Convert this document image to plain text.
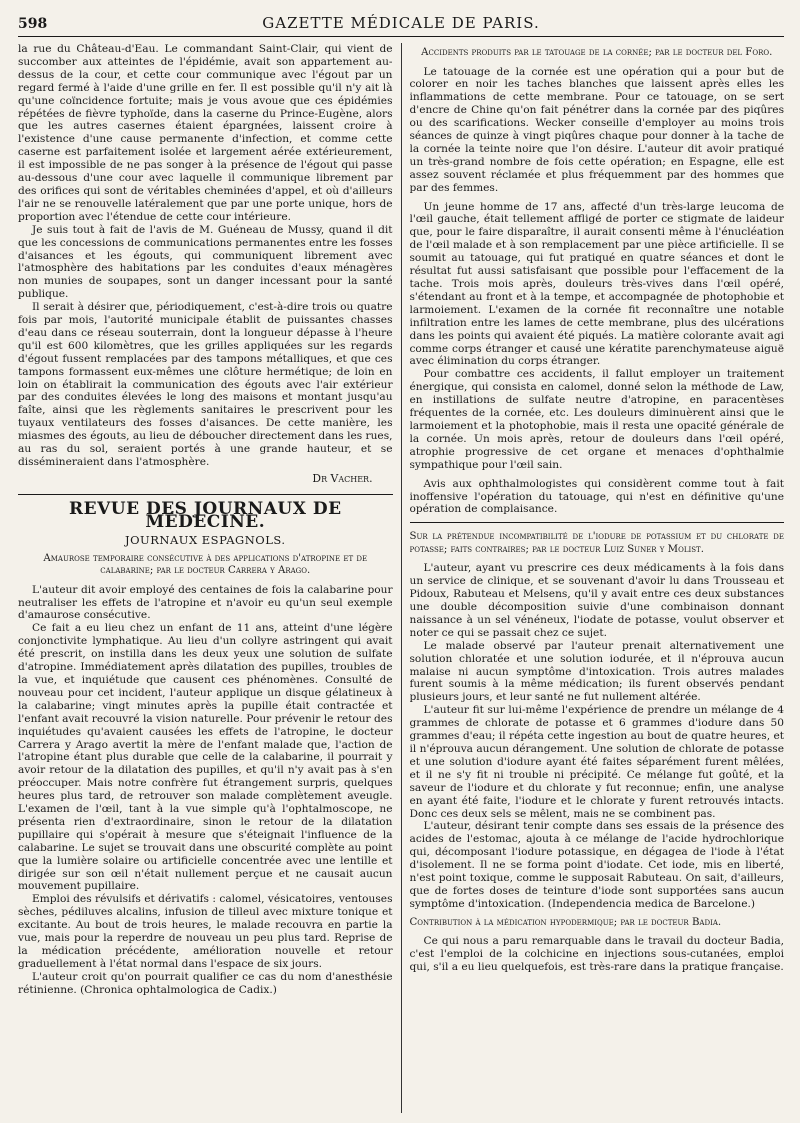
598	GAZETTE MÉDICALE DE PARIS.

la rue du Château-d'Eau. Le commandant Saint-Clair, qui vient de succomber aux atteintes de l'épidémie, avait son appartement au-dessus de la cour, et cette cour communique avec l'égout par un regard fermé à l'aide d'une grille en fer. Il est possible qu'il n'y ait là qu'une coïncidence fortuite; mais je vous avoue que ces épidémies répétées de fièvre typhoïde, dans la caserne du Prince-Eugène, alors que les autres casernes étaient épargnées, laissent croire à l'existence d'une cause permanente d'infection, et comme cette caserne est parfaitement isolée et largement aérée extérieurement, il est impossible de ne pas songer à la présence de l'égout qui passe au-dessous d'une cour avec laquelle il communique librement par des orifices qui sont de véritables cheminées d'appel, et où d'ailleurs l'air ne se renouvelle latéralement que par une porte unique, hors de proportion avec l'étendue de cette cour intérieure.

Je suis tout à fait de l'avis de M. Guéneau de Mussy, quand il dit que les concessions de communications permanentes entre les fosses d'aisances et les égouts, qui communiquent librement avec l'atmosphère des habitations par les conduites d'eaux ménagères non munies de soupapes, sont un danger incessant pour la santé publique.

Il serait à désirer que, périodiquement, c'est-à-dire trois ou quatre fois par mois, l'autorité municipale établit de puissantes chasses d'eau dans ce réseau souterrain, dont la longueur dépasse à l'heure qu'il est 600 kilomètres, que les grilles appliquées sur les regards d'égout fussent remplacées par des tampons métalliques, et que ces tampons formassent eux-mêmes une clôture hermétique; de loin en loin on établirait la communication des égouts avec l'air extérieur par des conduites élevées le long des maisons et montant jusqu'au faîte, ainsi que les règlements sanitaires le prescrivent pour les tuyaux ventilateurs des fosses d'aisances. De cette manière, les miasmes des égouts, au lieu de déboucher directement dans les rues, au ras du sol, seraient portés à une grande hauteur, et se dissémineraient dans l'atmosphère.

Dr Vacher.

REVUE DES JOURNAUX DE MÉDECINE.

JOURNAUX ESPAGNOLS.

Amaurose temporaire consécutive à des applications d'atropine et de calabarine; par le docteur Carrera y Arago.

L'auteur dit avoir employé des centaines de fois la calabarine pour neutraliser les effets de l'atropine et n'avoir eu qu'un seul exemple d'amaurose consécutive.

Ce fait a eu lieu chez un enfant de 11 ans, atteint d'une légère conjonctivite lymphatique. Au lieu d'un collyre astringent qui avait été prescrit, on instilla dans les deux yeux une solution de sulfate d'atropine. Immédiatement après dilatation des pupilles, troubles de la vue, et inquiétude que causent ces phénomènes. Consulté de nouveau pour cet incident, l'auteur applique un disque gélatineux à la calabarine; vingt minutes après la pupille était contractée et l'enfant avait recouvré la vision naturelle. Pour prévenir le retour des inquiétudes qu'avaient causées les effets de l'atropine, le docteur Carrera y Arago avertit la mère de l'enfant malade que, l'action de l'atropine étant plus durable que celle de la calabarine, il pourrait y avoir retour de la dilatation des pupilles, et qu'il n'y avait pas à s'en préoccuper. Mais notre confrère fut étrangement surpris, quelques heures plus tard, de retrouver son malade complètement aveugle. L'examen de l'œil, tant à la vue simple qu'à l'ophtalmoscope, ne présenta rien d'extraordinaire, sinon le retour de la dilatation pupillaire qui s'opérait à mesure que s'éteignait l'influence de la calabarine. Le sujet se trouvait dans une obscurité complète au point que la lumière solaire ou artificielle concentrée avec une lentille et dirigée sur son œil n'était nullement perçue et ne causait aucun mouvement pupillaire.

Emploi des révulsifs et dérivatifs : calomel, vésicatoires, ventouses sèches, pédiluves alcalins, infusion de tilleul avec mixture tonique et excitante. Au bout de trois heures, le malade recouvra en partie la vue, mais pour la reperdre de nouveau un peu plus tard. Reprise de la médication précédente, amélioration nouvelle et retour graduellement à l'état normal dans l'espace de six jours.

L'auteur croit qu'on pourrait qualifier ce cas du nom d'anesthésie rétinienne. (Chronica ophtalmologica de Cadix.)

Accidents produits par le tatouage de la cornée; par le docteur del Foro.

Le tatouage de la cornée est une opération qui a pour but de colorer en noir les taches blanches que laissent après elles les inflammations de cette membrane. Pour ce tatouage, on se sert d'encre de Chine qu'on fait pénétrer dans la cornée par des piqûres ou des scarifications. Wecker conseille d'employer au moins trois séances de quinze à vingt piqûres chaque pour donner à la tache de la cornée la teinte noire que l'on désire. L'auteur dit avoir pratiqué un très-grand nombre de fois cette opération; en Espagne, elle est assez souvent réclamée et plus fréquemment par des hommes que par des femmes.

Un jeune homme de 17 ans, affecté d'un très-large leucoma de l'œil gauche, était tellement affligé de porter ce stigmate de laideur que, pour le faire disparaître, il aurait consenti même à l'énucléation de l'œil malade et à son remplacement par une pièce artificielle. Il se soumit au tatouage, qui fut pratiqué en quatre séances et dont le résultat fut aussi satisfaisant que possible pour l'effacement de la tache. Trois mois après, douleurs très-vives dans l'œil opéré, s'étendant au front et à la tempe, et accompagnée de photophobie et larmoiement. L'examen de la cornée fit reconnaître une notable infiltration entre les lames de cette membrane, plus des ulcérations dans les points qui avaient été piqués. La matière colorante avait agi comme corps étranger et causé une kératite parenchymateuse aiguë avec élimination du corps étranger.

Pour combattre ces accidents, il fallut employer un traitement énergique, qui consista en calomel, donné selon la méthode de Law, en instillations de sulfate neutre d'atropine, en paracentèses fréquentes de la cornée, etc. Les douleurs diminuèrent ainsi que le larmoiement et la photophobie, mais il resta une opacité générale de la cornée. Un mois après, retour de douleurs dans l'œil opéré, atrophie progressive de cet organe et menaces d'ophthalmie sympathique pour l'œil sain.

Avis aux ophthalmologistes qui considèrent comme tout à fait inoffensive l'opération du tatouage, qui n'est en définitive qu'une opération de complaisance.

Sur la prétendue incompatibilité de l'iodure de potassium et du chlorate de potasse; faits contraires; par le docteur Luiz Suner y Molist.

L'auteur, ayant vu prescrire ces deux médicaments à la fois dans un service de clinique, et se souvenant d'avoir lu dans Trousseau et Pidoux, Rabuteau et Melsens, qu'il y avait entre ces deux substances une double décomposition suivie d'une combinaison donnant naissance à un sel vénéneux, l'iodate de potasse, voulut observer et noter ce qui se passait chez ce sujet.

Le malade observé par l'auteur prenait alternativement une solution chloratée et une solution iodurée, et il n'éprouva aucun malaise ni aucun symptôme d'intoxication. Trois autres malades furent soumis à la même médication; ils furent observés pendant plusieurs jours, et leur santé ne fut nullement altérée.

L'auteur fit sur lui-même l'expérience de prendre un mélange de 4 grammes de chlorate de potasse et 6 grammes d'iodure dans 50 grammes d'eau; il répéta cette ingestion au bout de quatre heures, et il n'éprouva aucun dérangement. Une solution de chlorate de potasse et une solution d'iodure ayant été faites séparément furent mêlées, et il ne s'y fit ni trouble ni précipité. Ce mélange fut goûté, et la saveur de l'iodure et du chlorate y fut reconnue; enfin, une analyse en ayant été faite, l'iodure et le chlorate y furent retrouvés intacts. Donc ces deux sels se mêlent, mais ne se combinent pas.

L'auteur, désirant tenir compte dans ses essais de la présence des acides de l'estomac, ajouta à ce mélange de l'acide hydrochlorique qui, décomposant l'iodure potassique, en dégagea de l'iode à l'état d'isolement. Il ne se forma point d'iodate. Cet iode, mis en liberté, n'est point toxique, comme le supposait Rabuteau. On sait, d'ailleurs, que de fortes doses de teinture d'iode sont supportées sans aucun symptôme d'intoxication. (Independencia medica de Barcelone.)

Contribution à la médication hypodermique; par le docteur Badia.

Ce qui nous a paru remarquable dans le travail du docteur Badia, c'est l'emploi de la colchicine en injections sous-cutanées, emploi qui, s'il a eu lieu quelquefois, est très-rare dans la pratique française.
